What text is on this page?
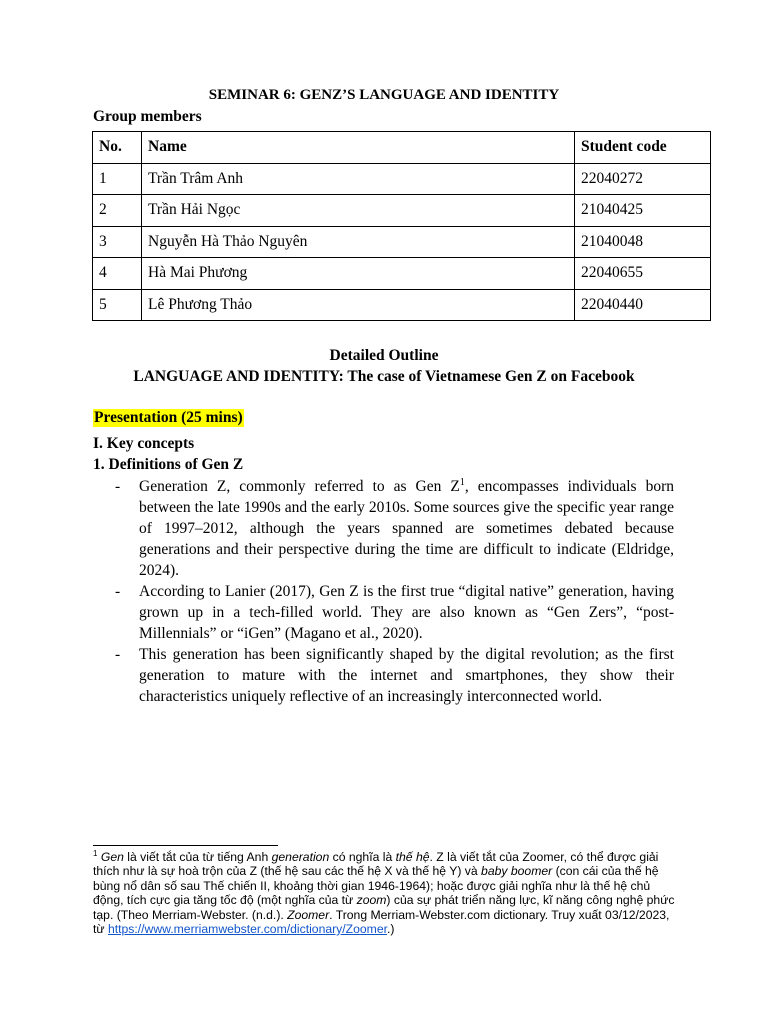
SEMINAR 6: GENZ’S LANGUAGE AND IDENTITY
Group members
No.	Name	Student code
1	Trần Trâm Anh	22040272
2	Trần Hải Ngọc	21040425
3	Nguyễn Hà Thảo Nguyên	21040048
4	Hà Mai Phương	22040655
5	Lê Phương Thảo	22040440
Detailed Outline
LANGUAGE AND IDENTITY: The case of Vietnamese Gen Z on Facebook
Presentation (25 mins)
I. Key concepts
1. Definitions of Gen Z
- Generation Z, commonly referred to as Gen $Z^1$, encompasses individuals born between the late 1990s and the early 2010s. Some sources give the specific year range of 1997–2012, although the years spanned are sometimes debated because generations and their perspective during the time are difficult to indicate (Eldridge, 2024).
- According to Lanier (2017), Gen Z is the first true “digital native” generation, having grown up in a tech-filled world. They are also known as “Gen Zers”, “post-Millennials” or “iGen” (Magano et al., 2020).
- This generation has been significantly shaped by the digital revolution; as the first generation to mature with the internet and smartphones, they show their characteristics uniquely reflective of an increasingly interconnected world.
$^1$ Gen là viết tắt của từ tiếng Anh generation có nghĩa là thế hệ. Z là viết tắt của Zoomer, có thể được giải thích như là sự hoà trộn của Z (thế hệ sau các thế hệ X và thế hệ Y) và baby boomer (con cái của thế hệ bùng nổ dân số sau Thế chiến II, khoảng thời gian 1946-1964); hoặc được giải nghĩa như là thế hệ chủ động, tích cực gia tăng tốc độ (một nghĩa của từ zoom) của sự phát triển năng lực, kĩ năng công nghệ phức tạp. (Theo Merriam-Webster. (n.d.). Zoomer. Trong Merriam-Webster.com dictionary. Truy xuất 03/12/2023, từ https://www.merriamwebster.com/dictionary/Zoomer.)
